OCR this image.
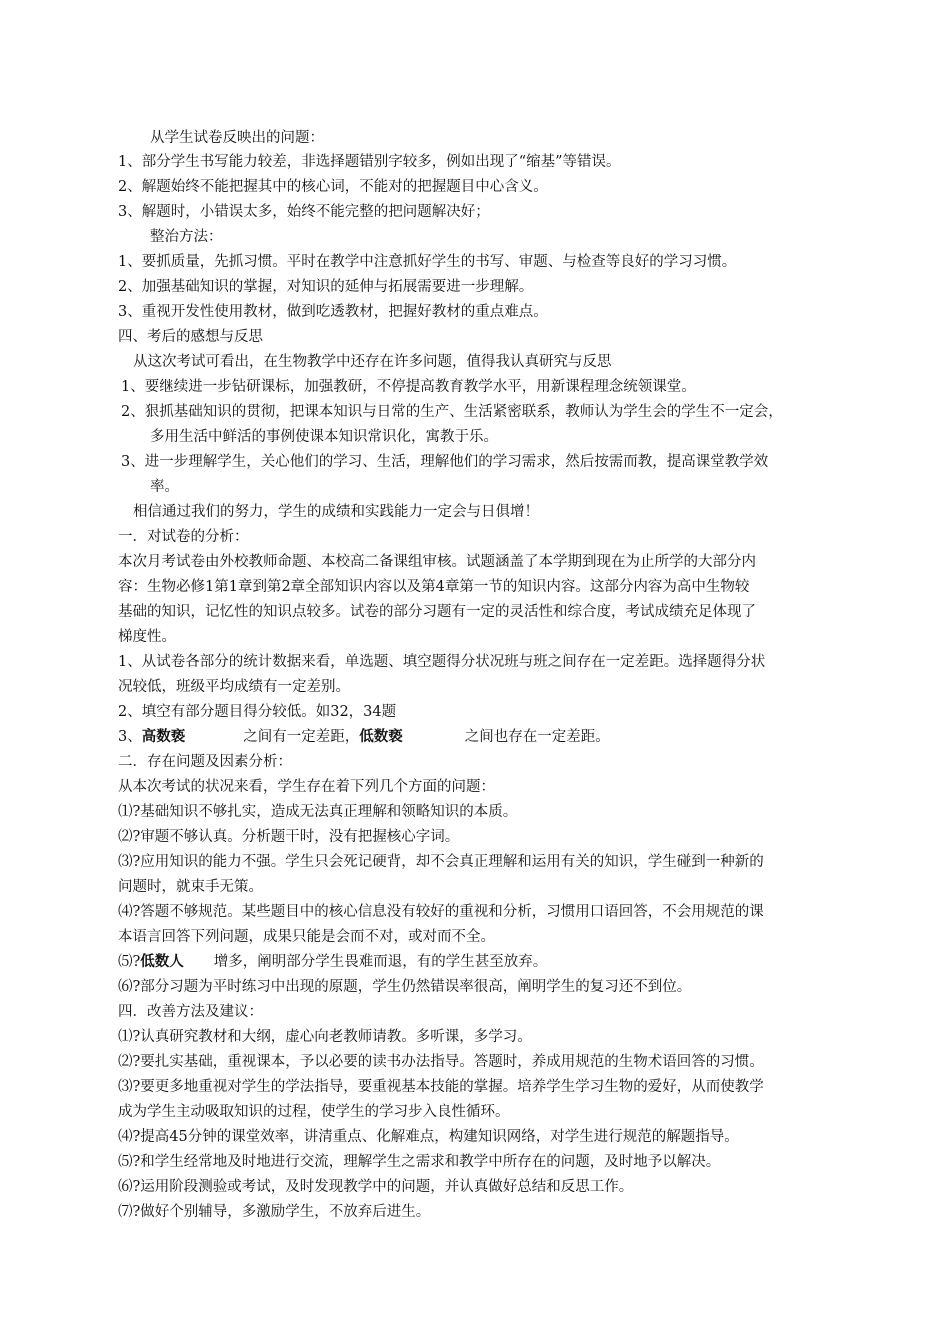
从学生试卷反映出的问题：
1、部分学生书写能力较差，非选择题错别字较多，例如出现了“缩基”等错误。
2、解题始终不能把握其中的核心词，不能对的把握题目中心含义。
3、解题时，小错误太多，始终不能完整的把问题解决好；
整治方法：
1、要抓质量，先抓习惯。平时在教学中注意抓好学生的书写、审题、与检查等良好的学习习惯。
2、加强基础知识的掌握，对知识的延伸与拓展需要进一步理解。
3、重视开发性使用教材，做到吃透教材，把握好教材的重点难点。
四、考后的感想与反思
从这次考试可看出，在生物教学中还存在许多问题，值得我认真研究与反思
1、要继续进一步钻研课标，加强教研，不停提高教育教学水平，用新课程理念统领课堂。
2、狠抓基础知识的贯彻，把课本知识与日常的生产、生活紧密联系，教师认为学生会的学生不一定会，
多用生活中鲜活的事例使课本知识常识化，寓教于乐。
3、进一步理解学生，关心他们的学习、生活，理解他们的学习需求，然后按需而教，提高课堂教学效
率。
相信通过我们的努力，学生的成绩和实践能力一定会与日俱增！
一．对试卷的分析：
本次月考试卷由外校教师命题、本校高二备课组审核。试题涵盖了本学期到现在为止所学的大部分内
容：生物必修1第1章到第2章全部知识内容以及第4章第一节的知识内容。这部分内容为高中生物较
基础的知识，记忆性的知识点较多。试卷的部分习题有一定的灵活性和综合度，考试成绩充足体现了
梯度性。
1、从试卷各部分的统计数据来看，单选题、填空题得分状况班与班之间存在一定差距。选择题得分状
况较低，班级平均成绩有一定差别。
2、填空有部分题目得分较低。如32，34题
3、高数亵	之间有一定差距，低数亵	之间也存在一定差距。
二．存在问题及因素分析：
从本次考试的状况来看，学生存在着下列几个方面的问题：
⑴?基础知识不够扎实，造成无法真正理解和领略知识的本质。
⑵?审题不够认真。分析题干时，没有把握核心字词。
⑶?应用知识的能力不强。学生只会死记硬背，却不会真正理解和运用有关的知识，学生碰到一种新的
问题时，就束手无策。
⑷?答题不够规范。某些题目中的核心信息没有较好的重视和分析，习惯用口语回答，不会用规范的课
本语言回答下列问题，成果只能是会而不对，或对而不全。
⑸?低数人 增多，阐明部分学生畏难而退，有的学生甚至放弃。
⑹?部分习题为平时练习中出现的原题，学生仍然错误率很高，阐明学生的复习还不到位。
四．改善方法及建议：
⑴?认真研究教材和大纲，虚心向老教师请教。多听课，多学习。
⑵?要扎实基础，重视课本，予以必要的读书办法指导。答题时，养成用规范的生物术语回答的习惯。
⑶?要更多地重视对学生的学法指导，要重视基本技能的掌握。培养学生学习生物的爱好，从而使教学
成为学生主动吸取知识的过程，使学生的学习步入良性循环。
⑷?提高45分钟的课堂效率，讲清重点、化解难点，构建知识网络，对学生进行规范的解题指导。
⑸?和学生经常地及时地进行交流，理解学生之需求和教学中所存在的问题，及时地予以解决。
⑹?运用阶段测验或考试，及时发现教学中的问题，并认真做好总结和反思工作。
⑺?做好个别辅导，多激励学生，不放弃后进生。
